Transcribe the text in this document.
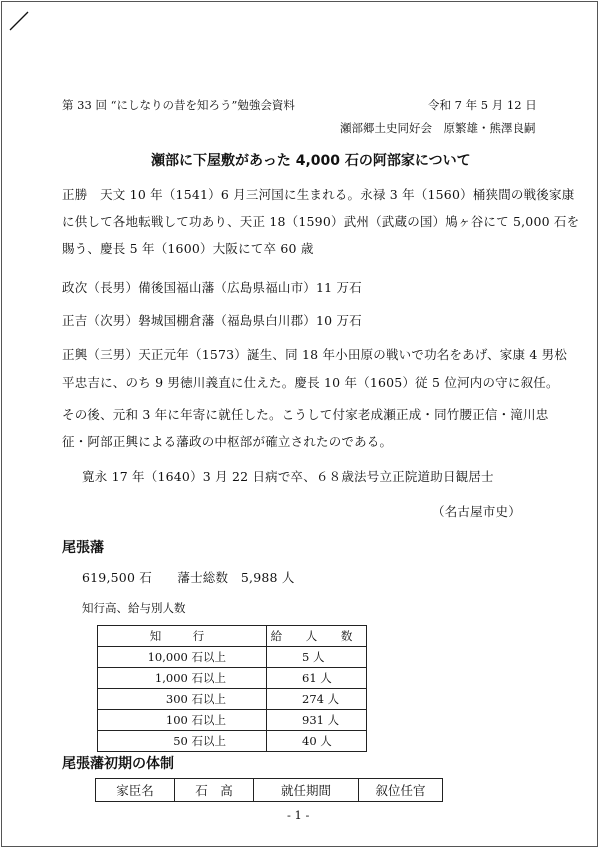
第 33 回 “にしなりの昔を知ろう”勉強会資料	令和 7 年 5 月 12 日
瀬部郷土史同好会　原繁雄・熊澤良嗣
瀬部に下屋敷があった 4,000 石の阿部家について
正勝　天文 10 年（1541）6 月三河国に生まれる。永禄 3 年（1560）桶狭間の戦後家康
に供して各地転戦して功あり、天正 18（1590）武州（武蔵の国）鳩ヶ谷にて 5,000 石を
賜う、慶長 5 年（1600）大阪にて卒 60 歳
政次（長男）備後国福山藩（広島県福山市）11 万石
正吉（次男）磐城国棚倉藩（福島県白川郡）10 万石
正興（三男）天正元年（1573）誕生、同 18 年小田原の戦いで功名をあげ、家康 4 男松
平忠吉に、のち 9 男徳川義直に仕えた。慶長 10 年（1605）従 5 位河内の守に叙任。
その後、元和 3 年に年寄に就任した。こうして付家老成瀬正成・同竹腰正信・滝川忠
征・阿部正興による藩政の中枢部が確立されたのである。
寛永 17 年（1640）3 月 22 日病で卒、６８歳法号立正院道助日観居士
（名古屋市史）
尾張藩
619,500 石　　藩士総数　5,988 人
知行高、給与別人数
知　行	給 人 数
10,000 石以上	5 人
1,000 石以上	61 人
300 石以上	274 人
100 石以上	931 人
50 石以上	40 人
尾張藩初期の体制
家臣名	石　高	就任期間	叙位任官
- 1 -
